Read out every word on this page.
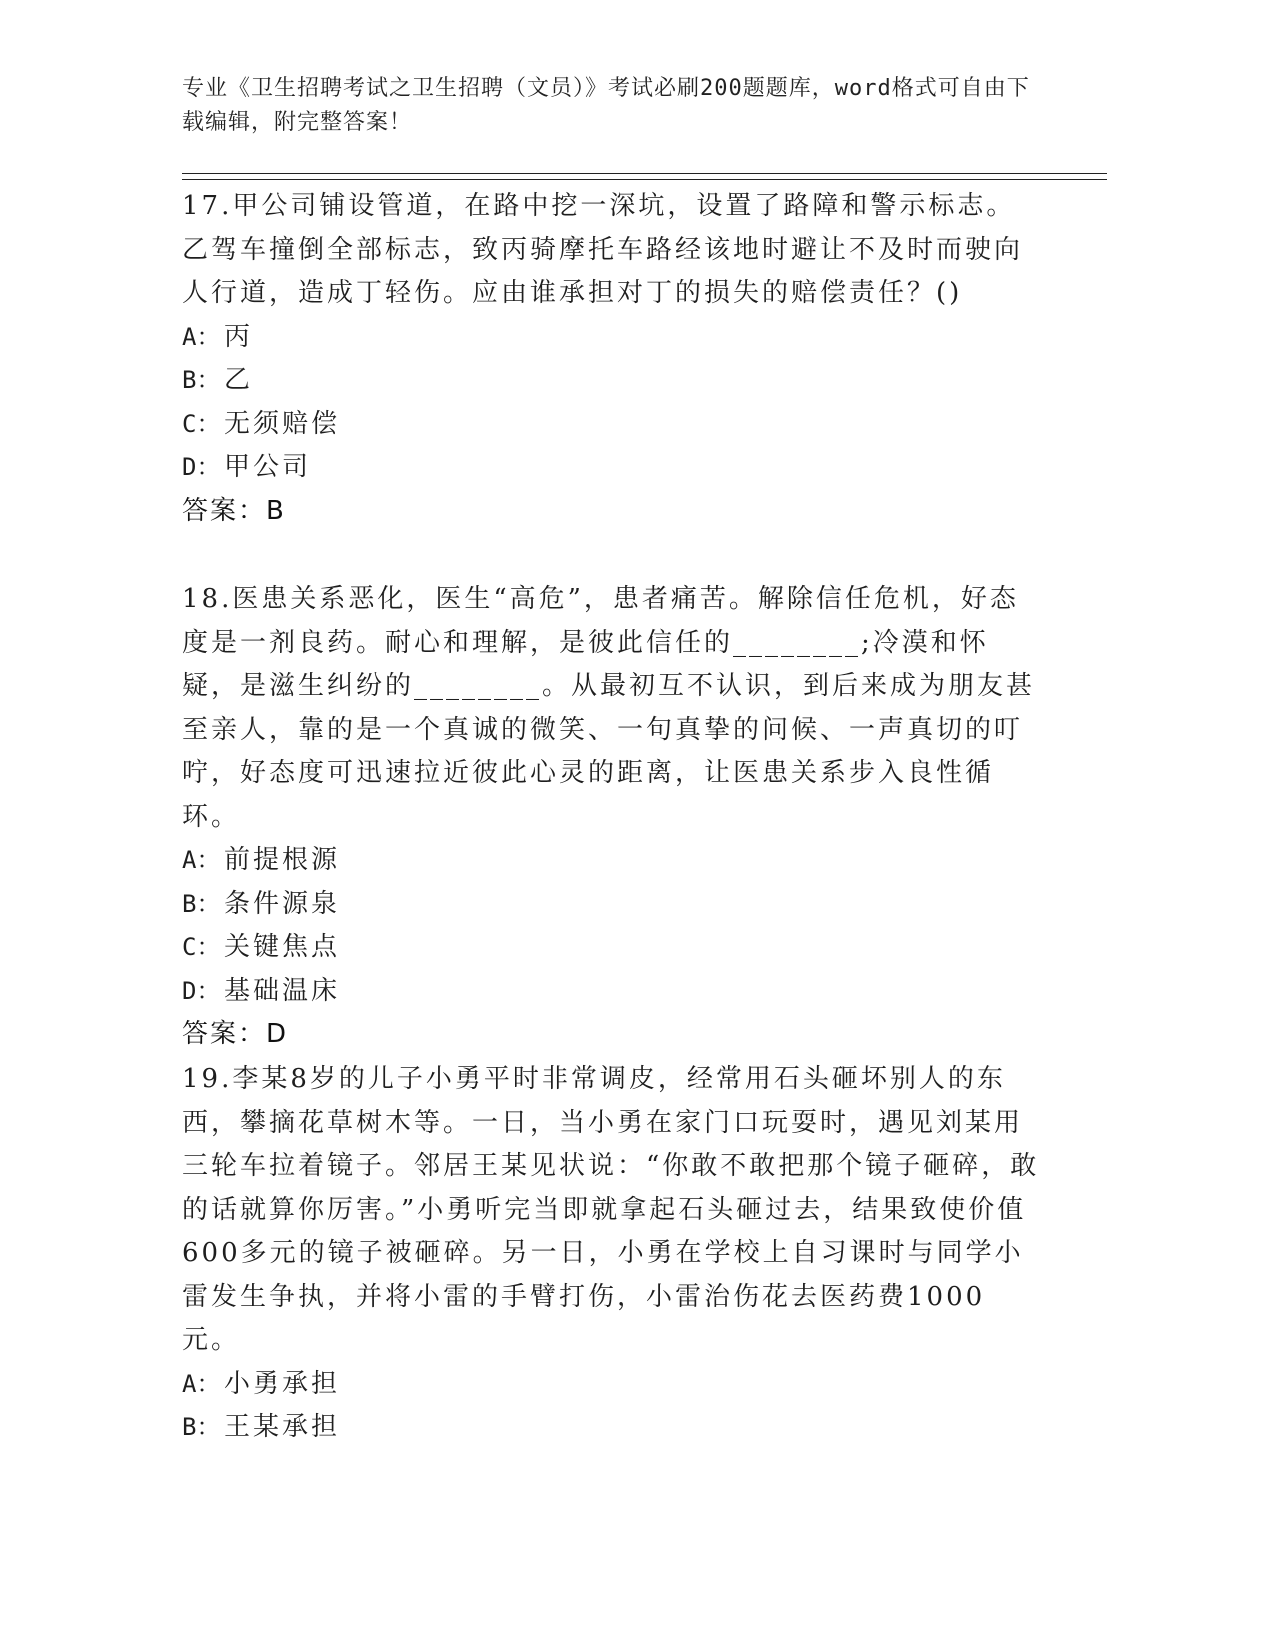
专业《卫生招聘考试之卫生招聘（文员）》考试必刷200题题库，word格式可自由下载编辑，附完整答案！

17.甲公司铺设管道，在路中挖一深坑，设置了路障和警示标志。乙驾车撞倒全部标志，致丙骑摩托车路经该地时避让不及时而驶向人行道，造成丁轻伤。应由谁承担对丁的损失的赔偿责任？()

A： 丙

B： 乙

C： 无须赔偿

D： 甲公司

答案：B

18.医患关系恶化，医生“高危”，患者痛苦。解除信任危机，好态度是一剂良药。耐心和理解，是彼此信任的________;冷漠和怀疑，是滋生纠纷的________。从最初互不认识，到后来成为朋友甚至亲人，靠的是一个真诚的微笑、一句真挚的问候、一声真切的叮咛，好态度可迅速拉近彼此心灵的距离，让医患关系步入良性循环。

A： 前提根源

B： 条件源泉

C： 关键焦点

D： 基础温床

答案：D

19.李某8岁的儿子小勇平时非常调皮，经常用石头砸坏别人的东西，攀摘花草树木等。一日，当小勇在家门口玩耍时，遇见刘某用三轮车拉着镜子。邻居王某见状说：“你敢不敢把那个镜子砸碎，敢的话就算你厉害。”小勇听完当即就拿起石头砸过去，结果致使价值600多元的镜子被砸碎。另一日，小勇在学校上自习课时与同学小雷发生争执，并将小雷的手臂打伤，小雷治伤花去医药费1000元。

A： 小勇承担

B： 王某承担
